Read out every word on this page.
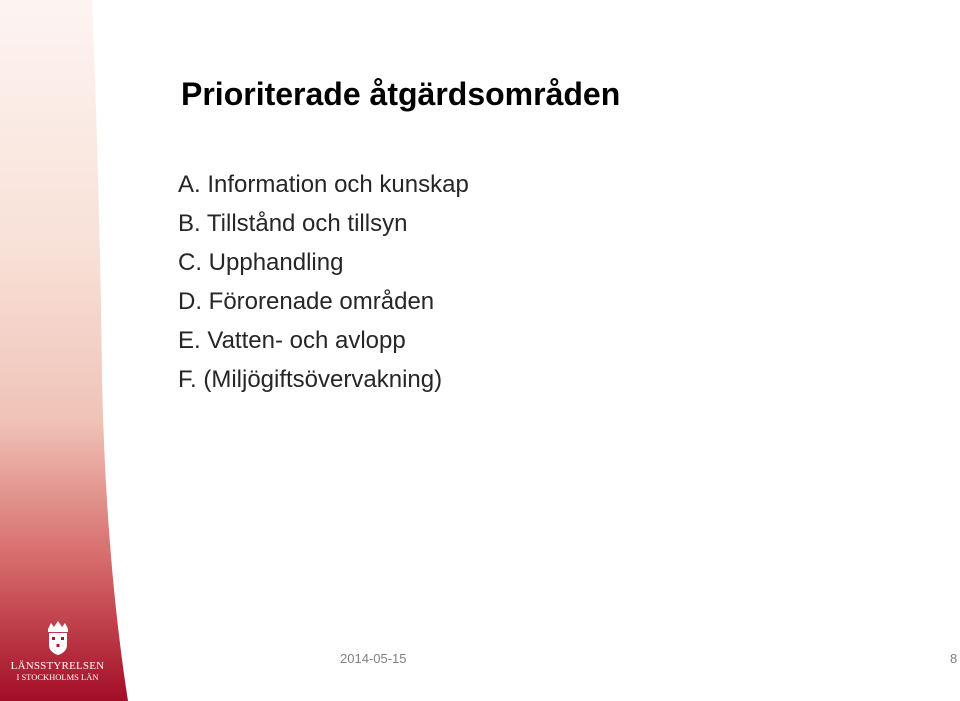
Prioriterade åtgärdsområden
A. Information och kunskap
B. Tillstånd och tillsyn
C. Upphandling
D. Förorenade områden
E. Vatten- och avlopp
F. (Miljögiftsövervakning)
LÄNSSTYRELSEN
I STOCKHOLMS LÄN
2014-05-15	8
